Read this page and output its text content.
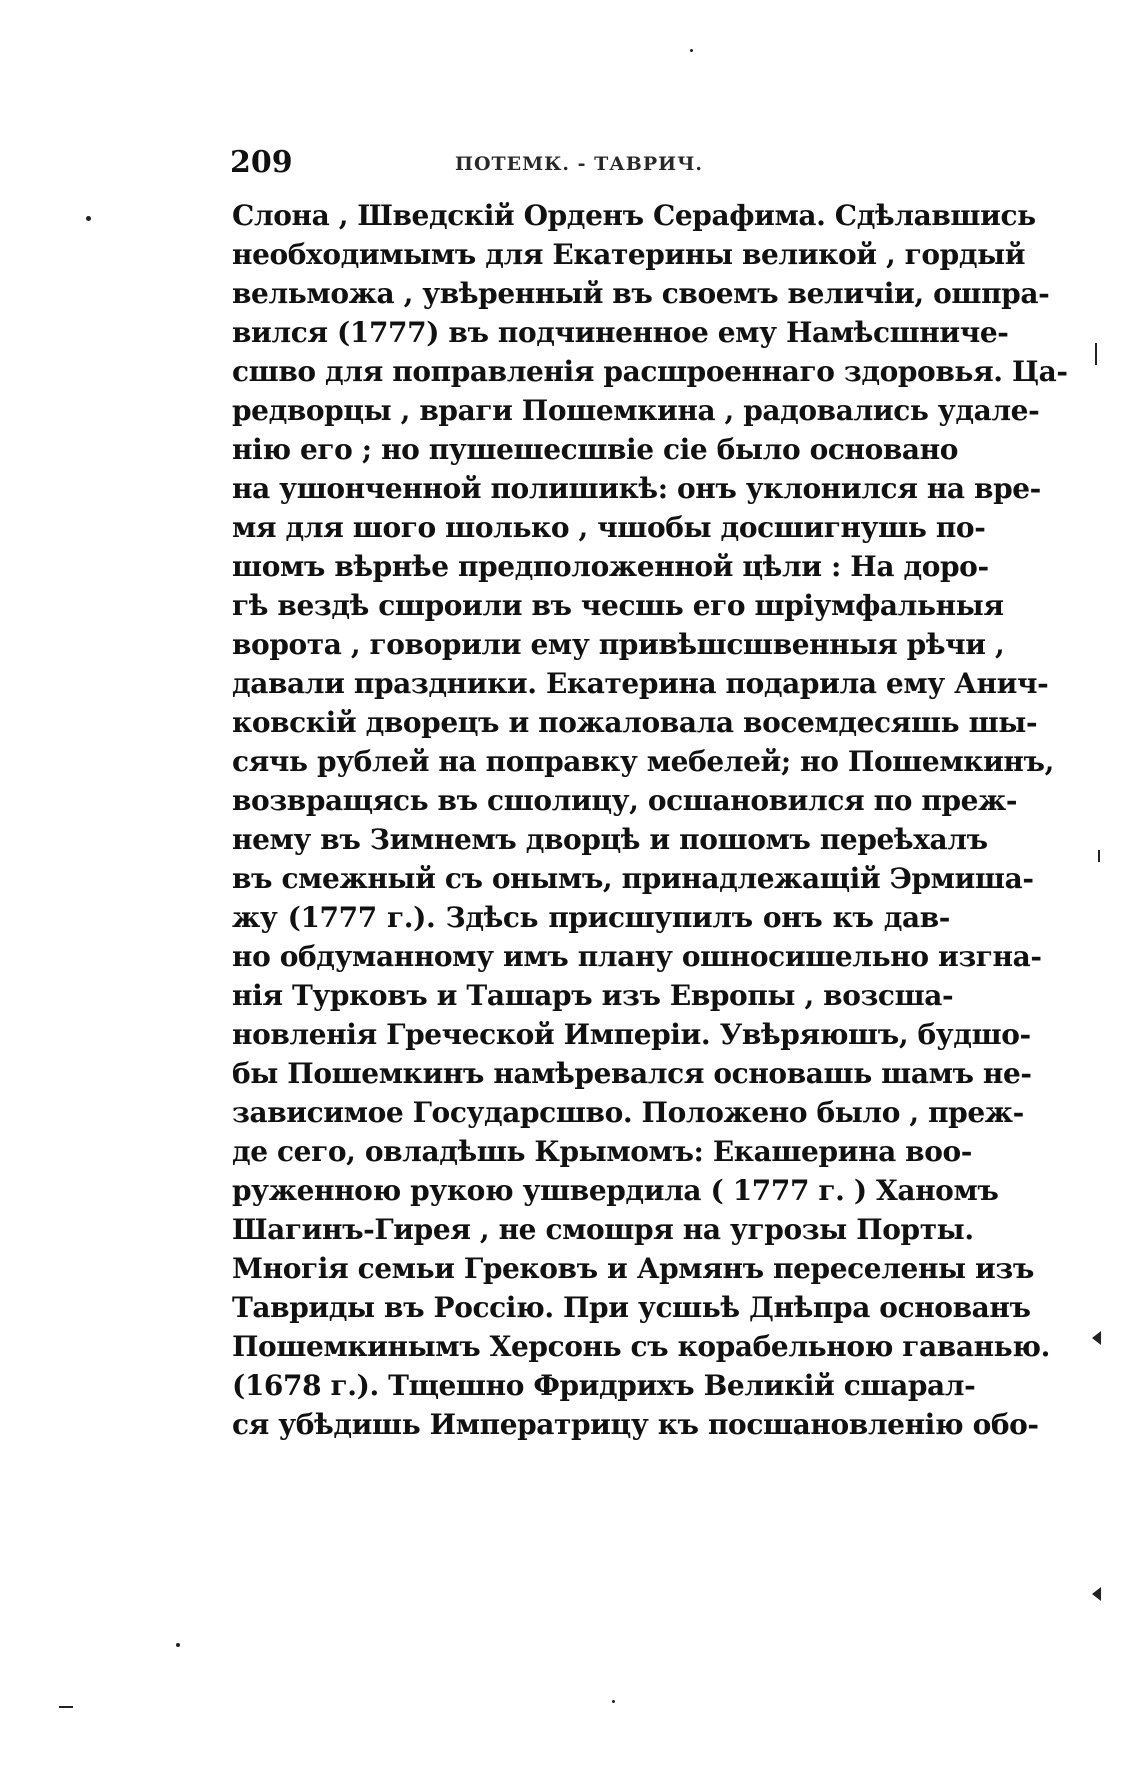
209	ПОТЕМК. - ТАВРИЧ.
Слона , Шведскій Орденъ Серафима. Сдѣлавшись
необходимымъ для Екатерины великой , гордый
вельможа , увѣренный въ своемъ величіи, ошпра-
вился (1777) въ подчиненное ему Намѣсшниче-
сшво для поправленія расшроеннаго здоровья. Ца-
редворцы , враги Пошемкина , радовались удале-
нію его ; но пушешесшвіе сіе было основано
на ушонченной полишикѣ: онъ уклонился на вре-
мя для шого шолько , чшобы досшигнушь по-
шомъ вѣрнѣе предположенной цѣли : На доро-
гѣ вездѣ сшроили въ чесшь его шріумфальныя
ворота , говорили ему привѣшсшвенныя рѣчи ,
давали праздники. Екатерина подарила ему Анич-
ковскій дворецъ и пожаловала восемдесяшь шы-
сячь рублей на поправку мебелей; но Пошемкинъ,
возвращясь въ сшолицу, осшановился по преж-
нему въ Зимнемъ дворцѣ и пошомъ переѣхалъ
въ смежный съ онымъ, принадлежащій Эрмиша-
жу (1777 г.). Здѣсь присшупилъ онъ къ дав-
но обдуманному имъ плану ошносишельно изгна-
нія Турковъ и Ташаръ изъ Европы , возсша-
новленія Греческой Имперіи. Увѣряюшъ, будшо-
бы Пошемкинъ намѣревался основашь шамъ не-
зависимое Государсшво. Положено было , преж-
де сего, овладѣшь Крымомъ: Екашерина воо-
руженною рукою ушвердила ( 1777 г. ) Ханомъ
Шагинъ-Гирея , не смошря на угрозы Порты.
Многія семьи Грековъ и Армянъ переселены изъ
Тавриды въ Россію. При усшьѣ Днѣпра основанъ
Пошемкинымъ Херсонь съ корабельною гаванью.
(1678 г.). Тщешно Фридрихъ Великій сшарал-
ся убѣдишь Императрицу къ посшановленію обо-
